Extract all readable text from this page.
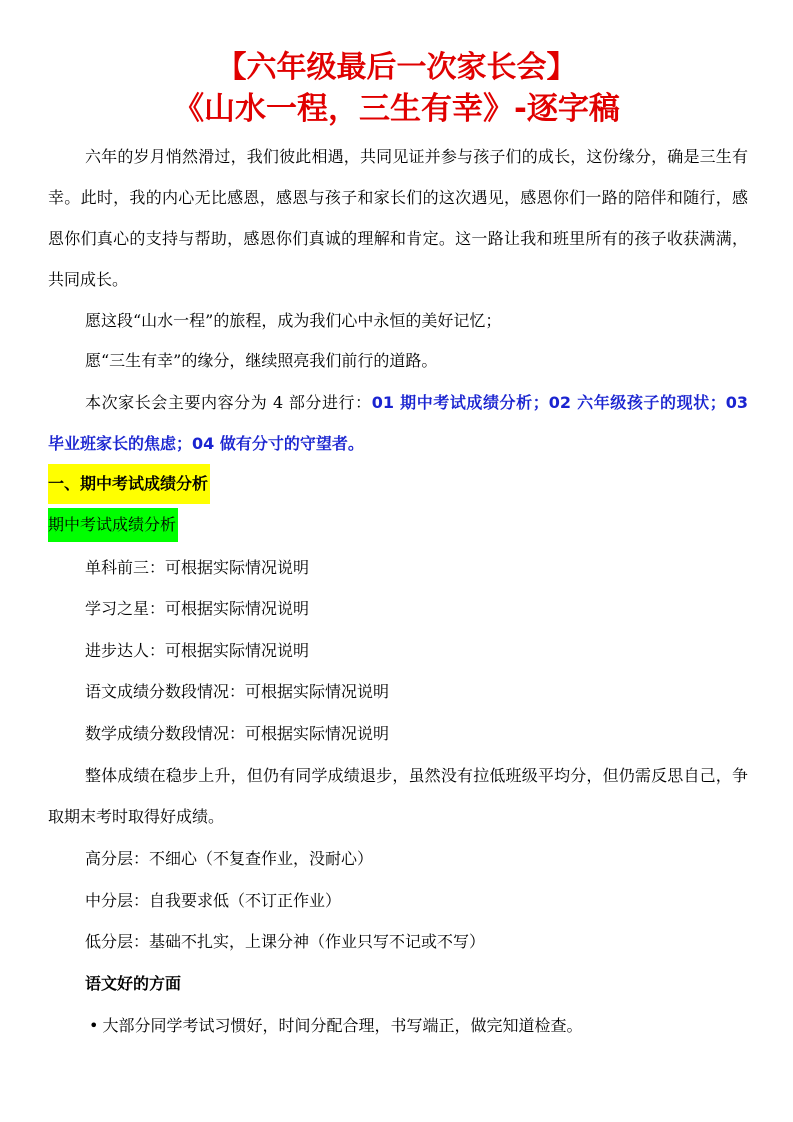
【六年级最后一次家长会】
《山水一程，三生有幸》-逐字稿

六年的岁月悄然滑过，我们彼此相遇，共同见证并参与孩子们的成长，这份缘分，确是三生有幸。此时，我的内心无比感恩，感恩与孩子和家长们的这次遇见，感恩你们一路的陪伴和随行，感恩你们真心的支持与帮助，感恩你们真诚的理解和肯定。这一路让我和班里所有的孩子收获满满，共同成长。

愿这段“山水一程”的旅程，成为我们心中永恒的美好记忆；

愿“三生有幸”的缘分，继续照亮我们前行的道路。

本次家长会主要内容分为 4 部分进行：01 期中考试成绩分析；02 六年级孩子的现状；03 毕业班家长的焦虑；04 做有分寸的守望者。

一、期中考试成绩分析
期中考试成绩分析
单科前三：可根据实际情况说明
学习之星：可根据实际情况说明
进步达人：可根据实际情况说明
语文成绩分数段情况：可根据实际情况说明
数学成绩分数段情况：可根据实际情况说明

整体成绩在稳步上升，但仍有同学成绩退步，虽然没有拉低班级平均分，但仍需反思自己，争取期末考时取得好成绩。

高分层：不细心（不复查作业，没耐心）
中分层：自我要求低（不订正作业）
低分层：基础不扎实，上课分神（作业只写不记或不写）
语文好的方面
• 大部分同学考试习惯好，时间分配合理，书写端正，做完知道检查。
